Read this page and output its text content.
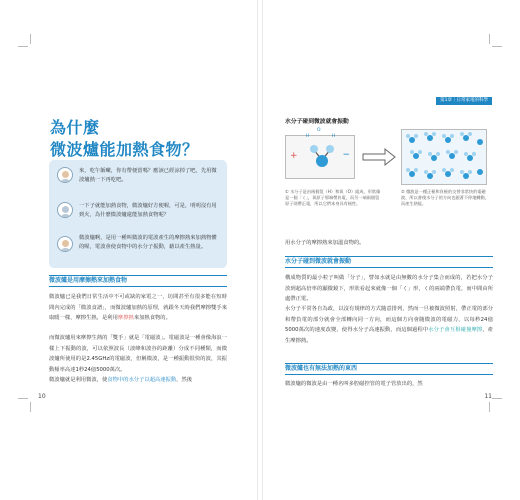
為什麼
微波爐能加熱食物？
來，吃午飯囉，你有帶便當嗎？應該已經涼掉了吧，先用微波爐熱一下再吃吧。
一下子就能加熱食物，微波爐好方便喔，可是，明明沒有用到火，為什麼微波爐還能加熱食物呢？
微波爐啊，是用一種叫微波的電波產生的摩擦熱來加熱物體的喔，電波會使食物中的水分子振動，藉以產生熱量。
微波爐是用摩擦熱來加熱食物
微波爐已是我們日常生活中不可或缺的家電之一，坊間甚至有很多能在短時間內完成的「微波食譜」，而微波爐加熱的原理，就跟冬天時我們摩擦雙手來取暖一樣，摩擦生熱，是利用摩擦熱來加熱食物的。
而微波爐用來摩擦生熱的「雙手」就是「電磁波」。電磁波是一種會像海浪一樣上下振動的波，可以依照波長（波峰和波谷的距離）分成不同種類，而微波爐所使用的是2.45GHz的電磁波，但稱微波，是一種振動很快的波，其振動頻率高達1秒24億5000萬次。
微波爐就是利用微波，使食物中的水分子以超高速振動，然後
10
第1章｜日常家電的科學
水分子碰到微波就會振動
+	−
O
H	H
① 水分子是由兩個氫（H）和氧（O）組成，形狀像是一個「く」，氧原子那端帶負電，而另一端兩個氫原子則帶正電，所以它們本身具有極性。
② 微波是一種正極和負極的交替非常快的電磁波，所以會使水分子的方向也跟著不停地轉動，而產生熱能。
用水分子的摩擦熱來加溫食物的。
水分子碰到微波就會振動
構成物質的最小粒子叫做「分子」，譬如水就是由無數的水分子集合而成的，若把水分子放到超高倍率的顯微鏡下，形狀看起來就像一個「く」形，く的兩端帶負電，而中間由所處帶正電。
水分子平常各自為政，以沒有規律的方式隨意排列，然而一旦被微波照射，帶正電的部分和帶負電的部分就會全部轉向同一方向，而這個方向會隨微波的電磁力，以每秒24億5000萬次的速度改變，使得水分子高速振動，而這個過程中水分子會互相碰撞摩擦，產生摩擦熱。
微波爐也有無法加熱的東西
微波爐的微波是由一種名叫多腔磁控管的電子管放出的，然
11
